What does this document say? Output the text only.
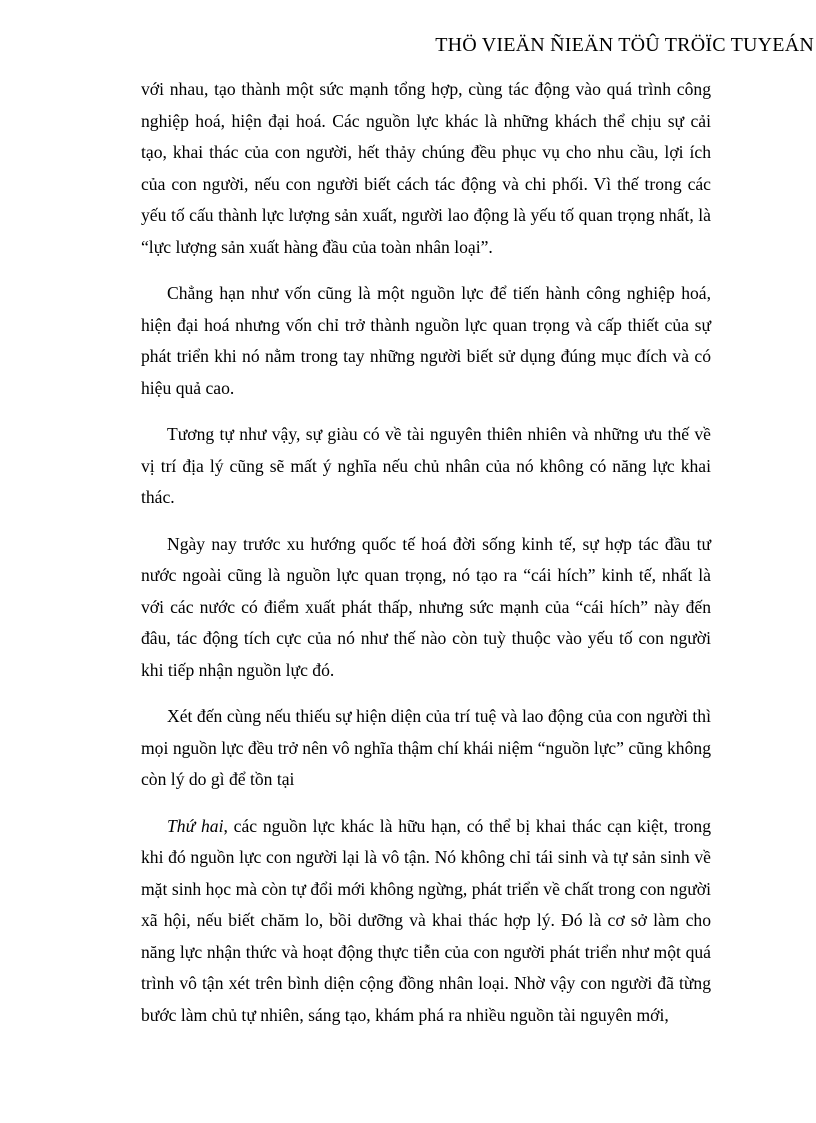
THÖ VIEÄN ÑIEÄN TÖÛ TRÖÏC TUYEÁN

với nhau, tạo thành một sức mạnh tổng hợp, cùng tác động vào quá trình công nghiệp hoá, hiện đại hoá. Các nguồn lực khác là những khách thể chịu sự cải tạo, khai thác của con người, hết thảy chúng đều phục vụ cho nhu cầu, lợi ích của con người, nếu con người biết cách tác động và chi phối. Vì thế trong các yếu tố cấu thành lực lượng sản xuất, người lao động là yếu tố quan trọng nhất, là “lực lượng sản xuất hàng đầu của toàn nhân loại”.

Chẳng hạn như vốn cũng là một nguồn lực để tiến hành công nghiệp hoá, hiện đại hoá nhưng vốn chỉ trở thành nguồn lực quan trọng và cấp thiết của sự phát triển khi nó nằm trong tay những người biết sử dụng đúng mục đích và có hiệu quả cao.

Tương tự như vậy, sự giàu có về tài nguyên thiên nhiên và những ưu thế về vị trí địa lý cũng sẽ mất ý nghĩa nếu chủ nhân của nó không có năng lực khai thác.

Ngày nay trước xu hướng quốc tế hoá đời sống kinh tế, sự hợp tác đầu tư nước ngoài cũng là nguồn lực quan trọng, nó tạo ra “cái hích” kinh tế, nhất là với các nước có điểm xuất phát thấp, nhưng sức mạnh của “cái hích” này đến đâu, tác động tích cực của nó như thế nào còn tuỳ thuộc vào yếu tố con người khi tiếp nhận nguồn lực đó.

Xét đến cùng nếu thiếu sự hiện diện của trí tuệ và lao động của con người thì mọi nguồn lực đều trở nên vô nghĩa thậm chí khái niệm “nguồn lực” cũng không còn lý do gì để tồn tại

Thứ hai, các nguồn lực khác là hữu hạn, có thể bị khai thác cạn kiệt, trong khi đó nguồn lực con người lại là vô tận. Nó không chỉ tái sinh và tự sản sinh về mặt sinh học mà còn tự đổi mới không ngừng, phát triển về chất trong con người xã hội, nếu biết chăm lo, bồi dưỡng và khai thác hợp lý. Đó là cơ sở làm cho năng lực nhận thức và hoạt động thực tiễn của con người phát triển như một quá trình vô tận xét trên bình diện cộng đồng nhân loại. Nhờ vậy con người đã từng bước làm chủ tự nhiên, sáng tạo, khám phá ra nhiều nguồn tài nguyên mới,
